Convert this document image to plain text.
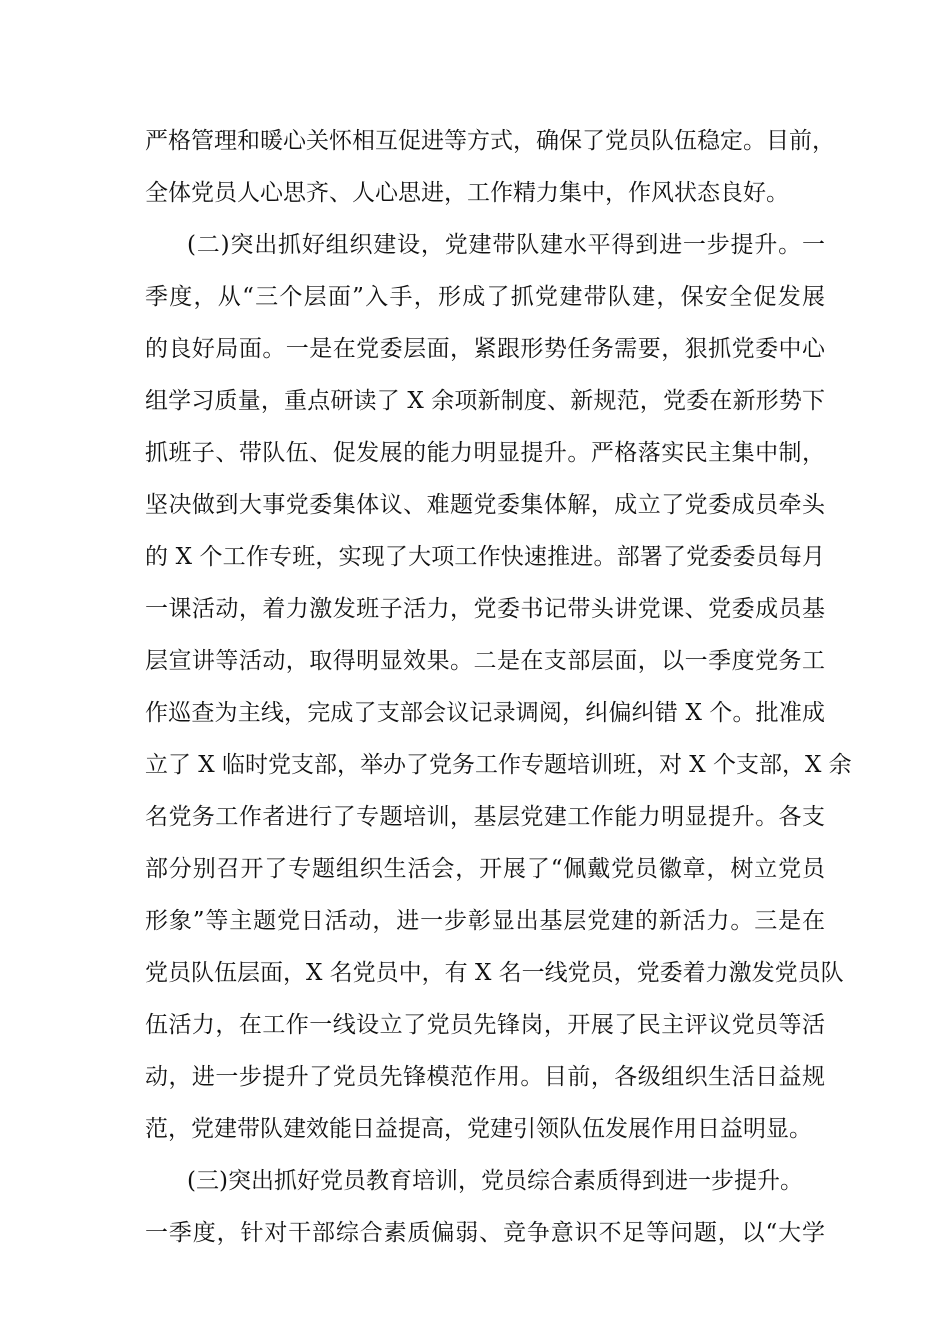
严格管理和暖心关怀相互促进等方式，确保了党员队伍稳定。目前，
全体党员人心思齐、人心思进，工作精力集中，作风状态良好。
(二)突出抓好组织建设，党建带队建水平得到进一步提升。一
季度，从“三个层面”入手，形成了抓党建带队建，保安全促发展
的良好局面。一是在党委层面，紧跟形势任务需要，狠抓党委中心
组学习质量，重点研读了 X 余项新制度、新规范，党委在新形势下
抓班子、带队伍、促发展的能力明显提升。严格落实民主集中制，
坚决做到大事党委集体议、难题党委集体解，成立了党委成员牵头
的 X 个工作专班，实现了大项工作快速推进。部署了党委委员每月
一课活动，着力激发班子活力，党委书记带头讲党课、党委成员基
层宣讲等活动，取得明显效果。二是在支部层面，以一季度党务工
作巡查为主线，完成了支部会议记录调阅，纠偏纠错 X 个。批准成
立了 X 临时党支部，举办了党务工作专题培训班，对 X 个支部，X 余
名党务工作者进行了专题培训，基层党建工作能力明显提升。各支
部分别召开了专题组织生活会，开展了“佩戴党员徽章，树立党员
形象”等主题党日活动，进一步彰显出基层党建的新活力。三是在
党员队伍层面，X 名党员中，有 X 名一线党员，党委着力激发党员队
伍活力，在工作一线设立了党员先锋岗，开展了民主评议党员等活
动，进一步提升了党员先锋模范作用。目前，各级组织生活日益规
范，党建带队建效能日益提高，党建引领队伍发展作用日益明显。
(三)突出抓好党员教育培训，党员综合素质得到进一步提升。
一季度，针对干部综合素质偏弱、竞争意识不足等问题，以“大学
